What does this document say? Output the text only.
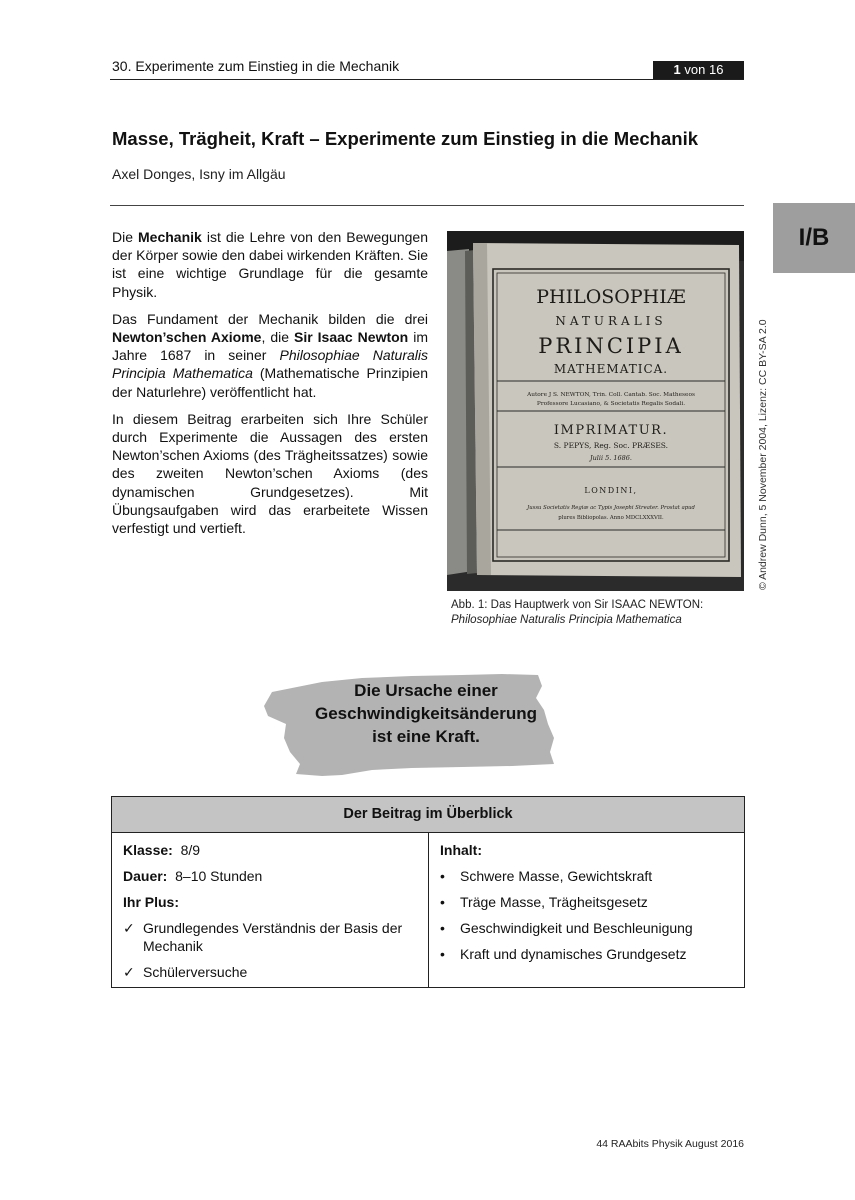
30. Experimente zum Einstieg in die Mechanik	1 von 16
I/B
Masse, Trägheit, Kraft – Experimente zum Einstieg in die Mechanik
Axel Donges, Isny im Allgäu

Die Mechanik ist die Lehre von den Bewegungen der Körper sowie den dabei wirkenden Kräften. Sie ist eine wichtige Grundlage für die gesamte Physik.

Das Fundament der Mechanik bilden die drei Newton’schen Axiome, die Sir Isaac Newton im Jahre 1687 in seiner Philosophiae Naturalis Principia Mathematica (Mathematische Prinzipien der Naturlehre) veröffentlicht hat.

In diesem Beitrag erarbeiten sich Ihre Schüler durch Experimente die Aussagen des ersten Newton’schen Axioms (des Trägheitssatzes) sowie des zweiten Newton’schen Axioms (des dynamischen Grundgesetzes). Mit Übungsaufgaben wird das erarbeitete Wissen verfestigt und vertieft.

PHILOSOPHIÆ
NATURALIS
PRINCIPIA
MATHEMATICA.
Autore J S. NEWTON, Trin. Coll. Cantab. Soc. Matheseos
Professore Lucasiano, & Societatis Regalis Sodali.
IMPRIMATUR.
S. PEPYS, Reg. Soc. PRÆSES.
Julii 5. 1686.
LONDINI,
Jussu Societatis Regiæ ac Typis Josephi Streater. Prostat apud
plures Bibliopolas. Anno MDCLXXXVII.	© Andrew Dunn, 5 November 2004, Lizenz: CC BY-SA 2.0
Abb. 1: Das Hauptwerk von Sir ISAAC NEWTON:
Philosophiae Naturalis Principia Mathematica
Die Ursache einer
Geschwindigkeitsänderung
ist eine Kraft.
Der Beitrag im Überblick
Klasse: 8/9
Dauer: 8–10 Stunden
Ihr Plus:
✓ Grundlegendes Verständnis der Basis der Mechanik
✓ Schülerversuche
Inhalt:
• Schwere Masse, Gewichtskraft
• Träge Masse, Trägheitsgesetz
• Geschwindigkeit und Beschleunigung
• Kraft und dynamisches Grundgesetz
44 RAAbits Physik August 2016
